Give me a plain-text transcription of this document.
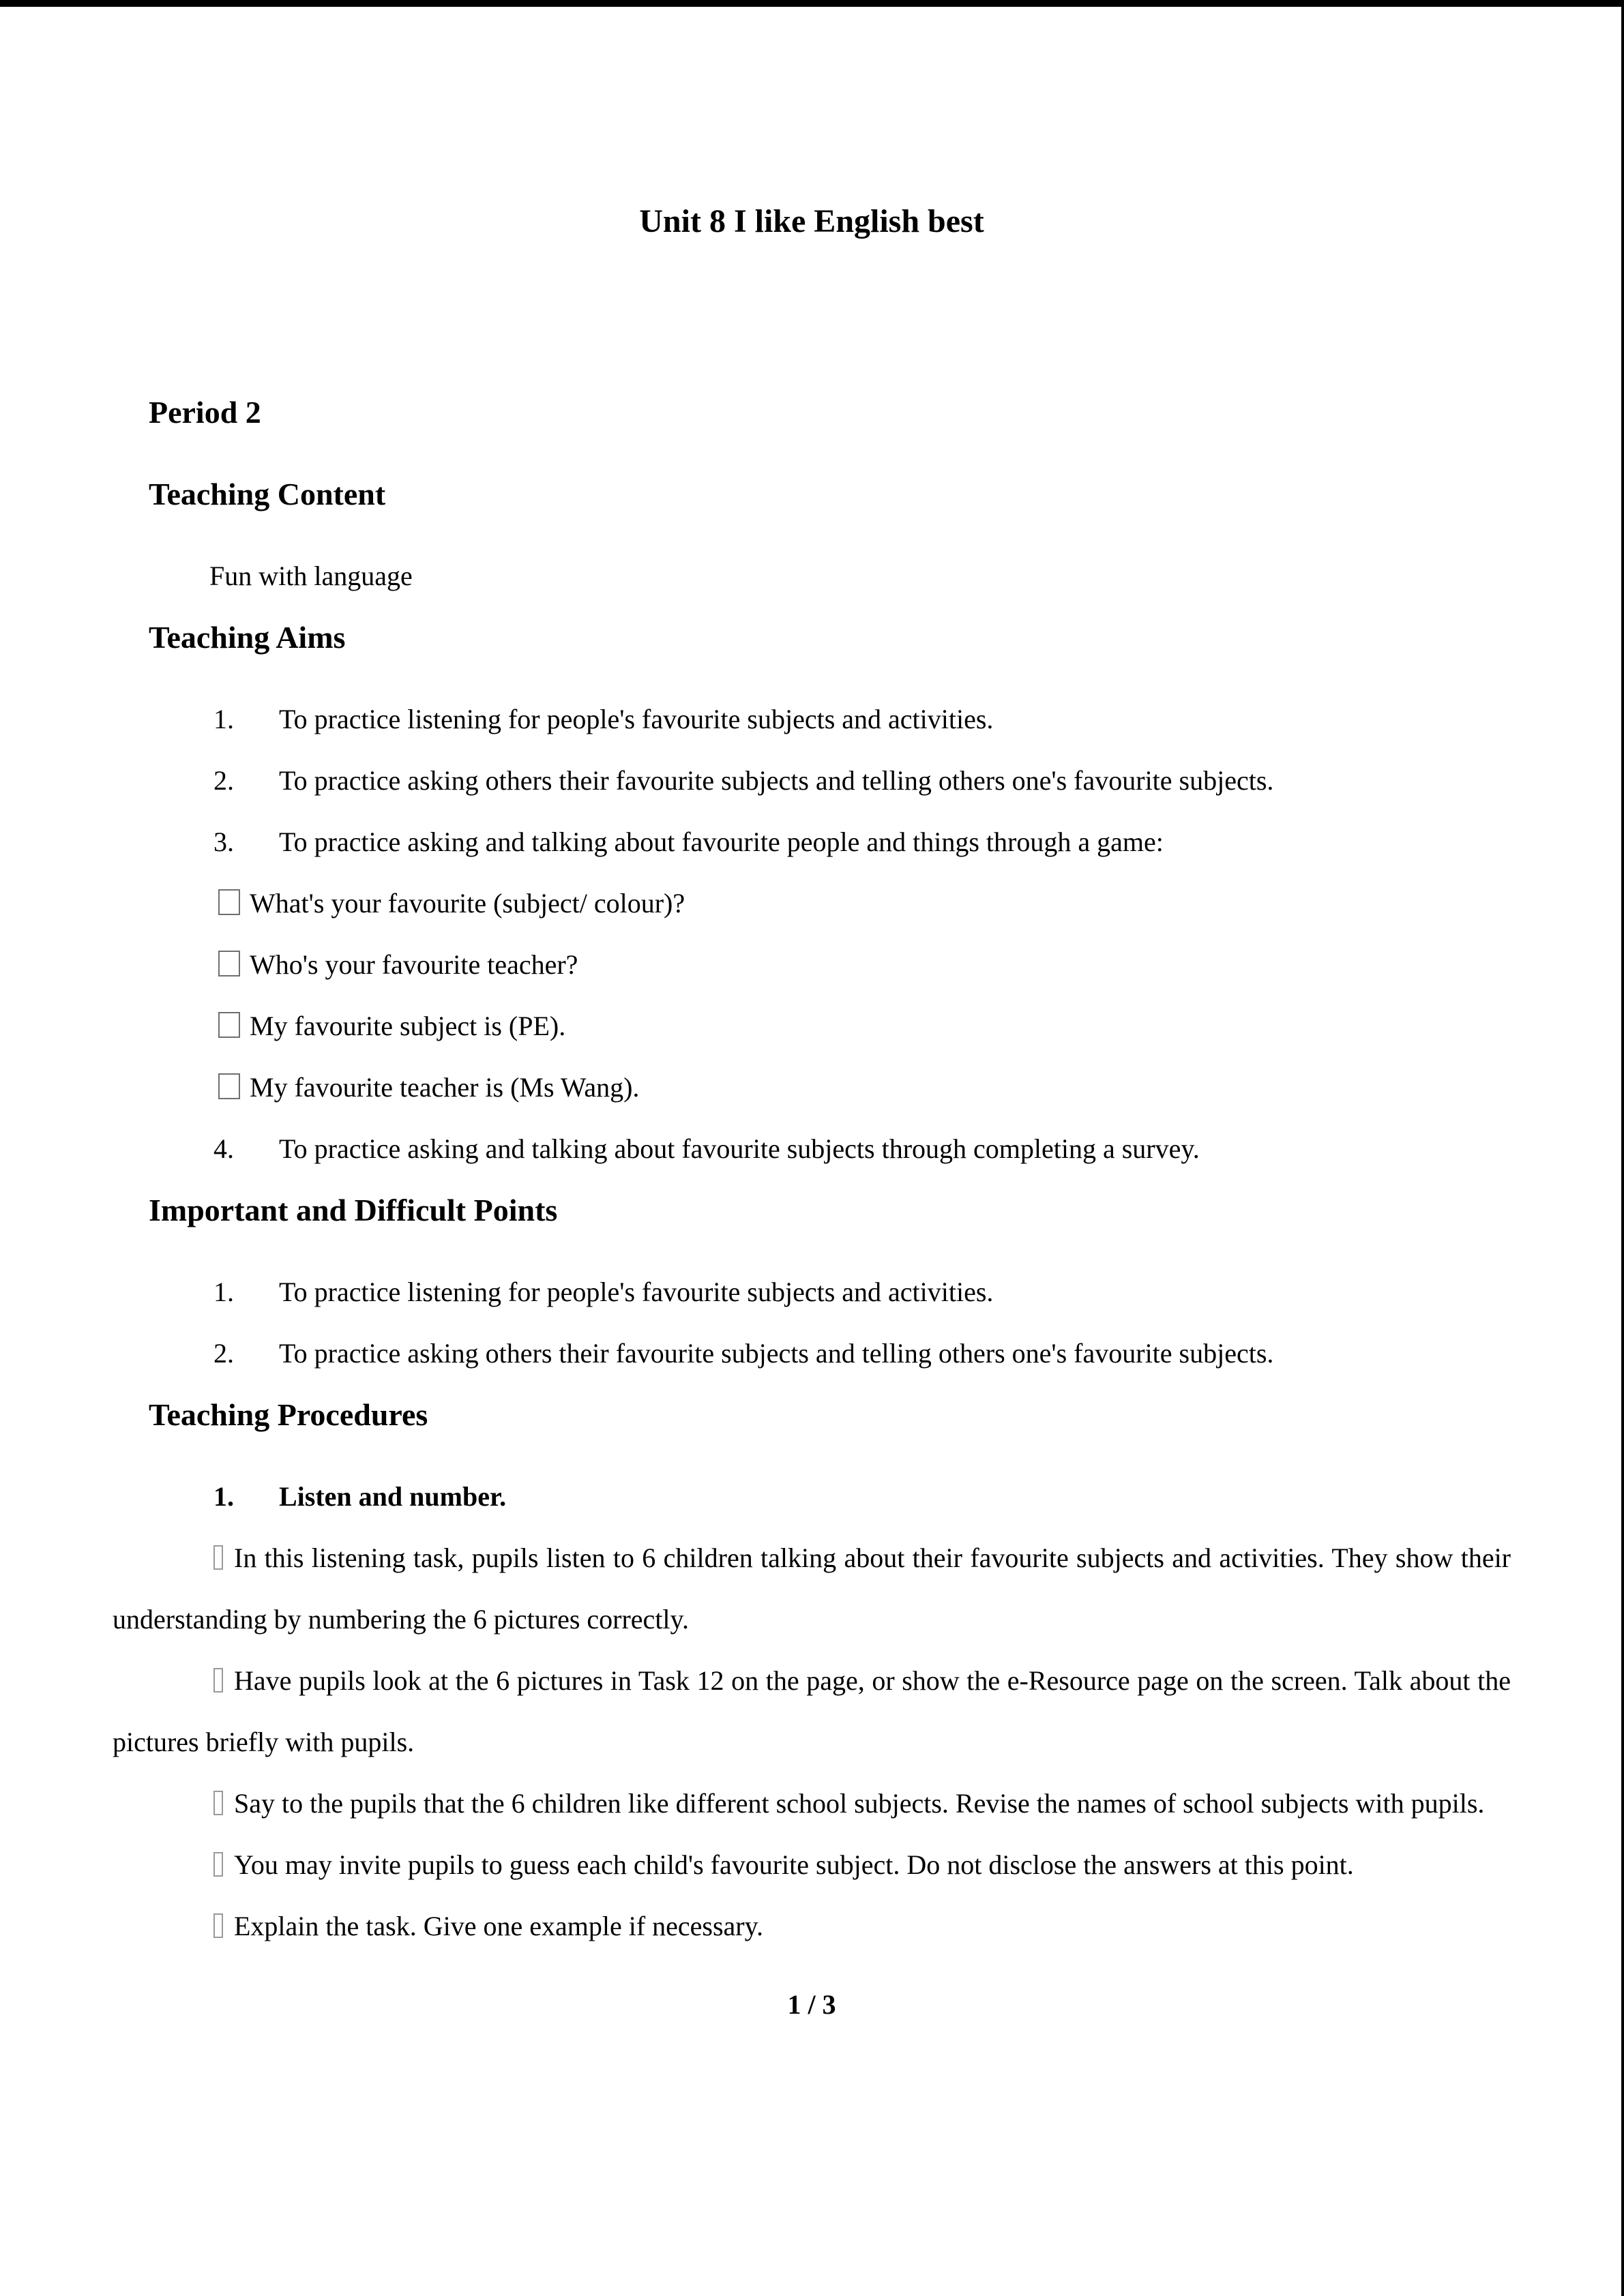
Unit 8 I like English best
Period 2
Teaching Content
Fun with language
Teaching Aims
1. To practice listening for people's favourite subjects and activities.
2. To practice asking others their favourite subjects and telling others one's favourite subjects.
3. To practice asking and talking about favourite people and things through a game:
What's your favourite (subject/ colour)?
Who's your favourite teacher?
My favourite subject is (PE).
My favourite teacher is (Ms Wang).
4. To practice asking and talking about favourite subjects through completing a survey.
Important and Difficult Points
1. To practice listening for people's favourite subjects and activities.
2. To practice asking others their favourite subjects and telling others one's favourite subjects.
Teaching Procedures
1. Listen and number.
In this listening task, pupils listen to 6 children talking about their favourite subjects and activities. They show their understanding by numbering the 6 pictures correctly.
Have pupils look at the 6 pictures in Task 12 on the page, or show the e-Resource page on the screen. Talk about the pictures briefly with pupils.
Say to the pupils that the 6 children like different school subjects. Revise the names of school subjects with pupils.
You may invite pupils to guess each child's favourite subject. Do not disclose the answers at this point.
Explain the task. Give one example if necessary.
1 / 3
